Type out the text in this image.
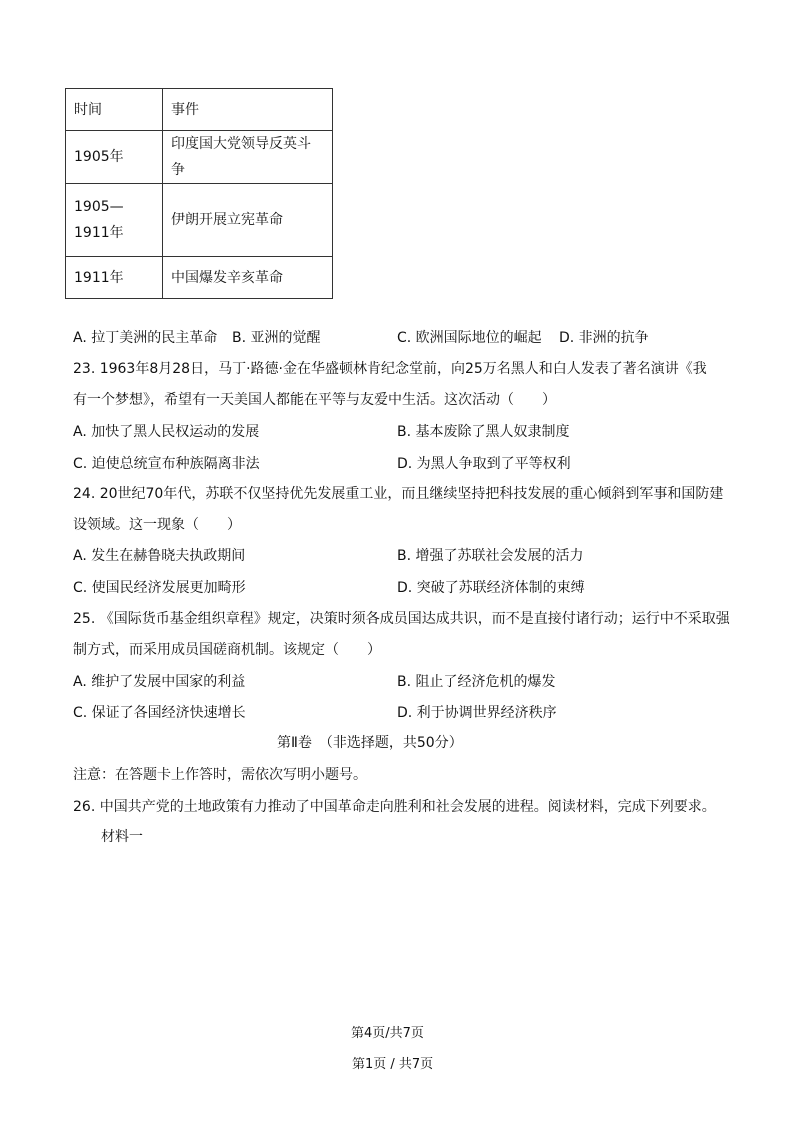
时间	事件
1905年	印度国大党领导反英斗争
1905—1911年	伊朗开展立宪革命
1911年	中国爆发辛亥革命
A. 拉丁美洲的民主革命 B. 亚洲的觉醒	C. 欧洲国际地位的崛起 D. 非洲的抗争
23. 1963年8月28日，马丁·路德·金在华盛顿林肯纪念堂前，向25万名黑人和白人发表了著名演讲《我
有一个梦想》，希望有一天美国人都能在平等与友爱中生活。这次活动（　　）
A. 加快了黑人民权运动的发展	B. 基本废除了黑人奴隶制度
C. 迫使总统宣布种族隔离非法	D. 为黑人争取到了平等权利
24. 20世纪70年代，苏联不仅坚持优先发展重工业，而且继续坚持把科技发展的重心倾斜到军事和国防建
设领域。这一现象（　　）
A. 发生在赫鲁晓夫执政期间	B. 增强了苏联社会发展的活力
C. 使国民经济发展更加畸形	D. 突破了苏联经济体制的束缚
25. 《国际货币基金组织章程》规定，决策时须各成员国达成共识，而不是直接付诸行动；运行中不采取强
制方式，而采用成员国磋商机制。该规定（　　）
A. 维护了发展中国家的利益	B. 阻止了经济危机的爆发
C. 保证了各国经济快速增长	D. 利于协调世界经济秩序
第Ⅱ卷　（非选择题，共50分）
注意：在答题卡上作答时，需依次写明小题号。
26. 中国共产党的土地政策有力推动了中国革命走向胜利和社会发展的进程。阅读材料，完成下列要求。
材料一
第4页/共7页
第1页 / 共7页
